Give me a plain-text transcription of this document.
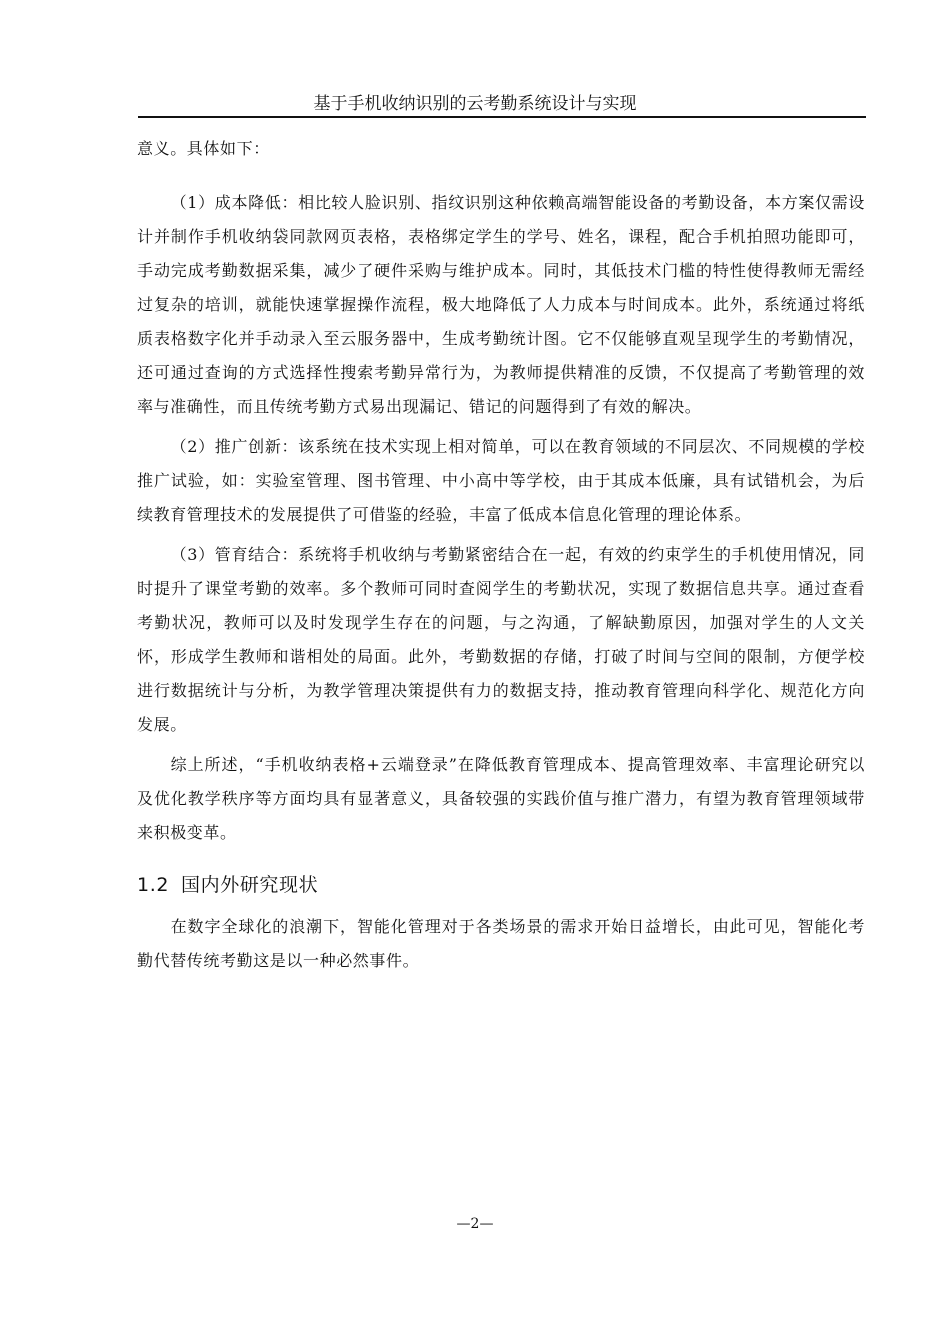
基于手机收纳识别的云考勤系统设计与实现

意义。具体如下：

（1）成本降低：相比较人脸识别、指纹识别这种依赖高端智能设备的考勤设备，本方案仅需设计并制作手机收纳袋同款网页表格，表格绑定学生的学号、姓名，课程，配合手机拍照功能即可，手动完成考勤数据采集，减少了硬件采购与维护成本。同时，其低技术门槛的特性使得教师无需经过复杂的培训，就能快速掌握操作流程，极大地降低了人力成本与时间成本。此外，系统通过将纸质表格数字化并手动录入至云服务器中，生成考勤统计图。它不仅能够直观呈现学生的考勤情况，还可通过查询的方式选择性搜索考勤异常行为，为教师提供精准的反馈，不仅提高了考勤管理的效率与准确性，而且传统考勤方式易出现漏记、错记的问题得到了有效的解决。

（2）推广创新：该系统在技术实现上相对简单，可以在教育领域的不同层次、不同规模的学校推广试验，如：实验室管理、图书管理、中小高中等学校，由于其成本低廉，具有试错机会，为后续教育管理技术的发展提供了可借鉴的经验，丰富了低成本信息化管理的理论体系。

（3）管育结合：系统将手机收纳与考勤紧密结合在一起，有效的约束学生的手机使用情况，同时提升了课堂考勤的效率。多个教师可同时查阅学生的考勤状况，实现了数据信息共享。通过查看考勤状况，教师可以及时发现学生存在的问题，与之沟通，了解缺勤原因，加强对学生的人文关怀，形成学生教师和谐相处的局面。此外，考勤数据的存储，打破了时间与空间的限制，方便学校进行数据统计与分析，为教学管理决策提供有力的数据支持，推动教育管理向科学化、规范化方向发展。

综上所述，“手机收纳表格+云端登录”在降低教育管理成本、提高管理效率、丰富理论研究以及优化教学秩序等方面均具有显著意义，具备较强的实践价值与推广潜力，有望为教育管理领域带来积极变革。

1.2 国内外研究现状

在数字全球化的浪潮下，智能化管理对于各类场景的需求开始日益增长，由此可见，智能化考勤代替传统考勤这是以一种必然事件。

—2—
